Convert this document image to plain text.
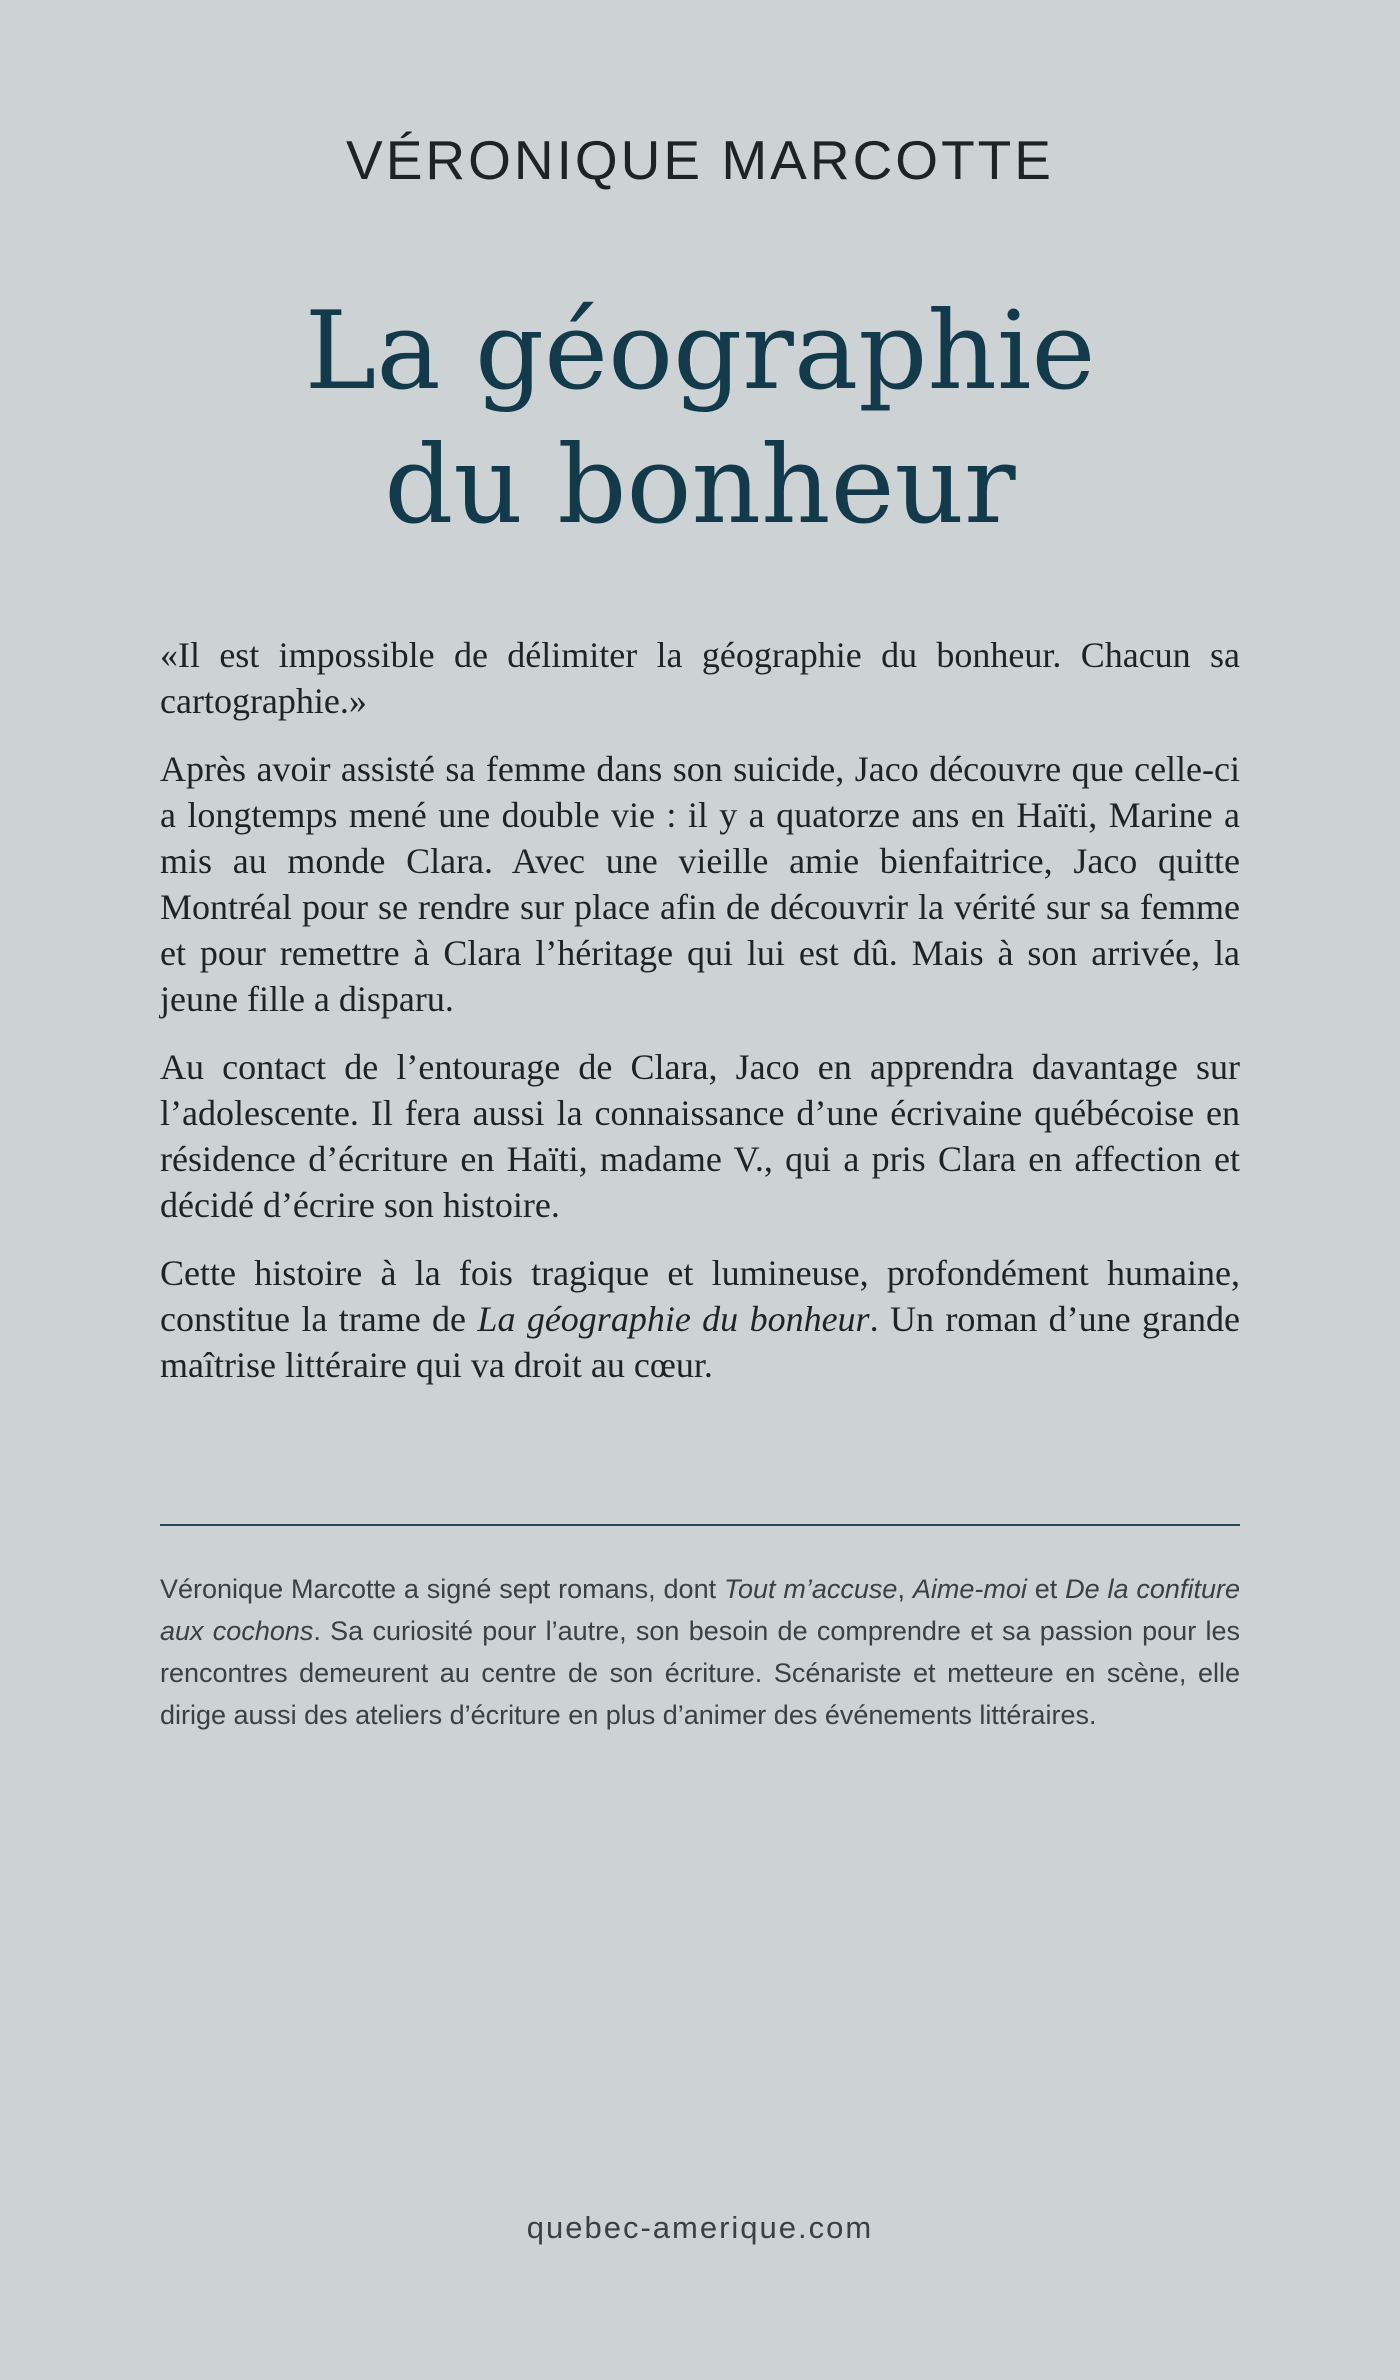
VÉRONIQUE MARCOTTE
La géographie
du bonheur

«Il est impossible de délimiter la géographie du bonheur. Chacun sa cartographie.»

Après avoir assisté sa femme dans son suicide, Jaco découvre que celle-ci a longtemps mené une double vie : il y a quatorze ans en Haïti, Marine a mis au monde Clara. Avec une vieille amie bienfaitrice, Jaco quitte Montréal pour se rendre sur place afin de découvrir la vérité sur sa femme et pour remettre à Clara l’héritage qui lui est dû. Mais à son arrivée, la jeune fille a disparu.

Au contact de l’entourage de Clara, Jaco en apprendra davantage sur l’adolescente. Il fera aussi la connaissance d’une écrivaine québécoise en résidence d’écriture en Haïti, madame V., qui a pris Clara en affection et décidé d’écrire son histoire.

Cette histoire à la fois tragique et lumineuse, profondément humaine, constitue la trame de La géographie du bonheur. Un roman d’une grande maîtrise littéraire qui va droit au cœur.

Véronique Marcotte a signé sept romans, dont Tout m’accuse, Aime-moi et De la confiture aux cochons. Sa curiosité pour l’autre, son besoin de comprendre et sa passion pour les rencontres demeurent au centre de son écriture. Scénariste et metteure en scène, elle dirige aussi des ateliers d’écriture en plus d’animer des événements littéraires.
quebec-amerique.com
